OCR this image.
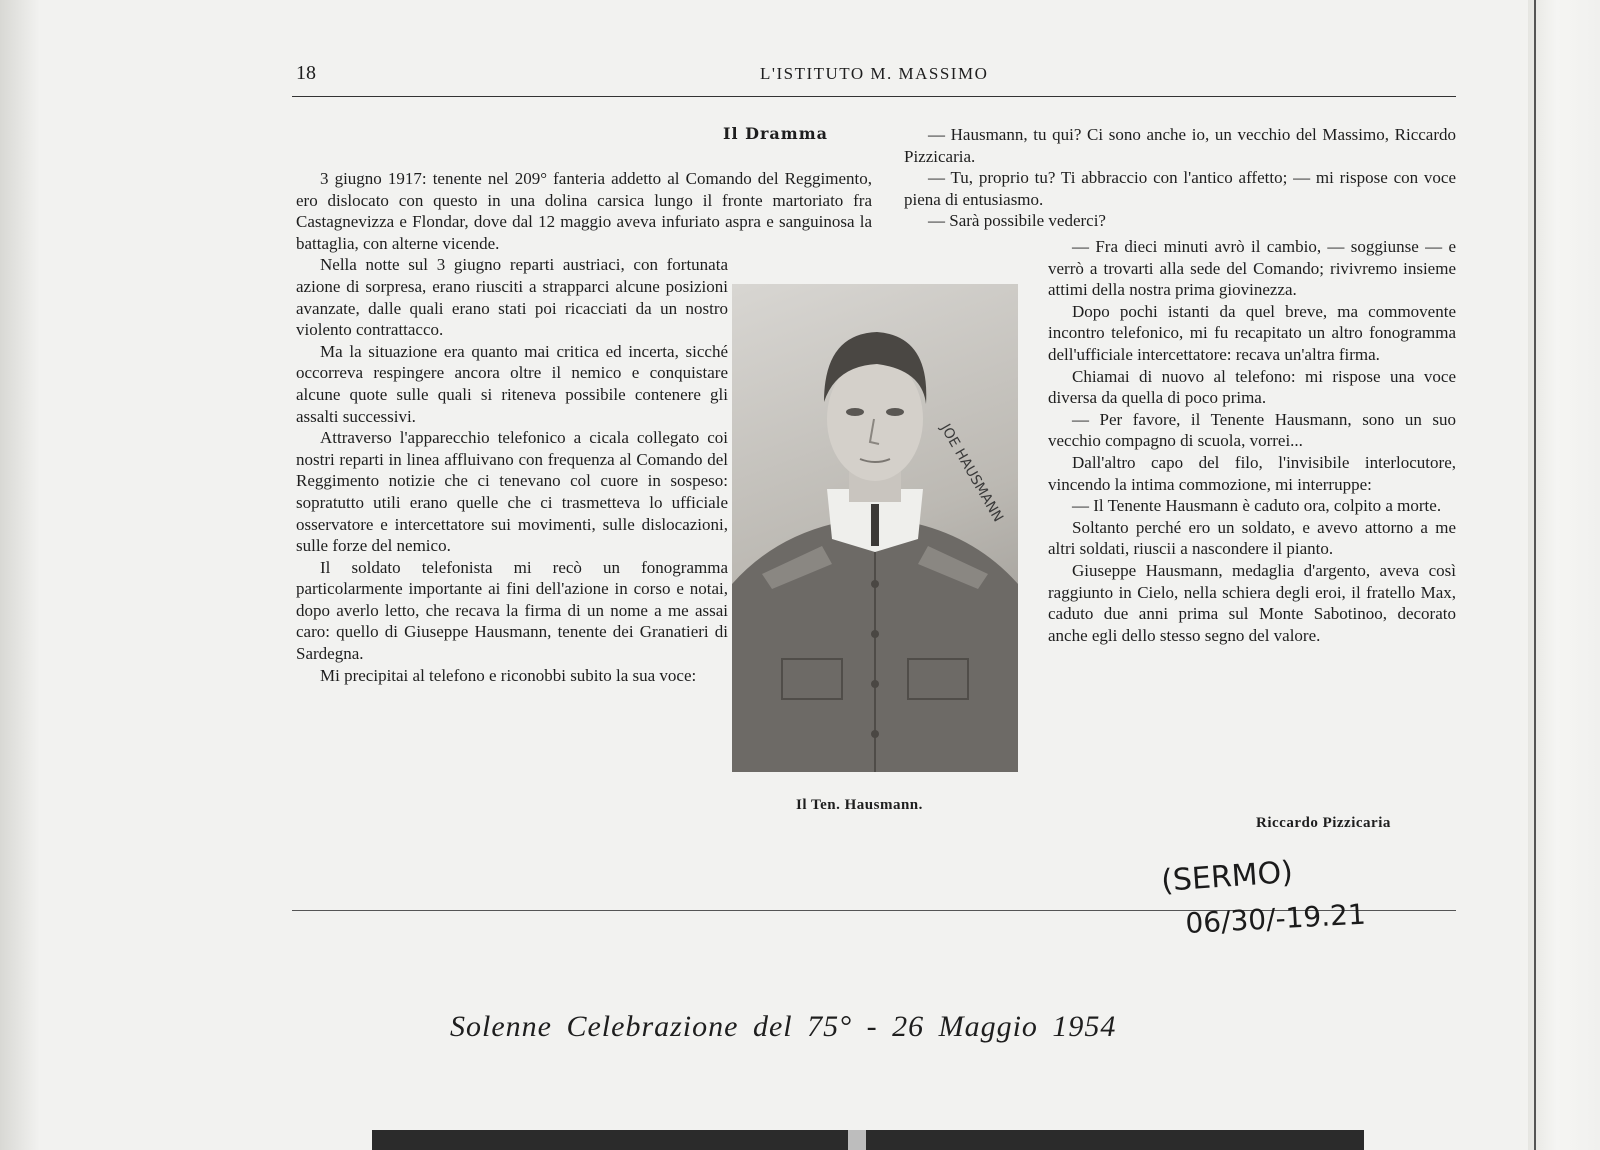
18	L'ISTITUTO M. MASSIMO
Il Dramma

3 giugno 1917: tenente nel 209° fanteria addetto al Comando del Reggimento, ero dislocato con questo in una dolina carsica lungo il fronte martoriato fra Castagnevizza e Flondar, dove dal 12 maggio aveva infuriato aspra e sanguinosa la battaglia, con alterne vicende.

Nella notte sul 3 giugno reparti austriaci, con fortunata azione di sorpresa, erano riusciti a strapparci alcune posizioni avanzate, dalle quali erano stati poi ricacciati da un nostro violento contrattacco.

Ma la situazione era quanto mai critica ed incerta, sicché occorreva respingere ancora oltre il nemico e conquistare alcune quote sulle quali si riteneva possibile contenere gli assalti successivi.

Attraverso l'apparecchio telefonico a cicala collegato coi nostri reparti in linea affluivano con frequenza al Comando del Reggimento notizie che ci tenevano col cuore in sospeso: sopratutto utili erano quelle che ci trasmetteva lo ufficiale osservatore e intercettatore sui movimenti, sulle dislocazioni, sulle forze del nemico.

Il soldato telefonista mi recò un fonogramma particolarmente importante ai fini dell'azione in corso e notai, dopo averlo letto, che recava la firma di un nome a me assai caro: quello di Giuseppe Hausmann, tenente dei Granatieri di Sardegna.

Mi precipitai al telefono e riconobbi subito la sua voce:

JOE HAUSMANN
Il Ten. Hausmann.

— Hausmann, tu qui? Ci sono anche io, un vecchio del Massimo, Riccardo Pizzicaria.

— Tu, proprio tu? Ti abbraccio con l'antico affetto; — mi rispose con voce piena di entusiasmo.

— Sarà possibile vederci?

— Fra dieci minuti avrò il cambio, — soggiunse — e verrò a trovarti alla sede del Comando; rivivremo insieme attimi della nostra prima giovinezza.

Dopo pochi istanti da quel breve, ma commovente incontro telefonico, mi fu recapitato un altro fonogramma dell'ufficiale intercettatore: recava un'altra firma.

Chiamai di nuovo al telefono: mi rispose una voce diversa da quella di poco prima.

— Per favore, il Tenente Hausmann, sono un suo vecchio compagno di scuola, vorrei...

Dall'altro capo del filo, l'invisibile interlocutore, vincendo la intima commozione, mi interruppe:

— Il Tenente Hausmann è caduto ora, colpito a morte.

Soltanto perché ero un soldato, e avevo attorno a me altri soldati, riuscii a nascondere il pianto.

Giuseppe Hausmann, medaglia d'argento, aveva così raggiunto in Cielo, nella schiera degli eroi, il fratello Max, caduto due anni prima sul Monte Sabotinoo, decorato anche egli dello stesso segno del valore.

Riccardo Pizzicaria
(SERMO)
06/30/-19.21
Solenne Celebrazione del 75° - 26 Maggio 1954
